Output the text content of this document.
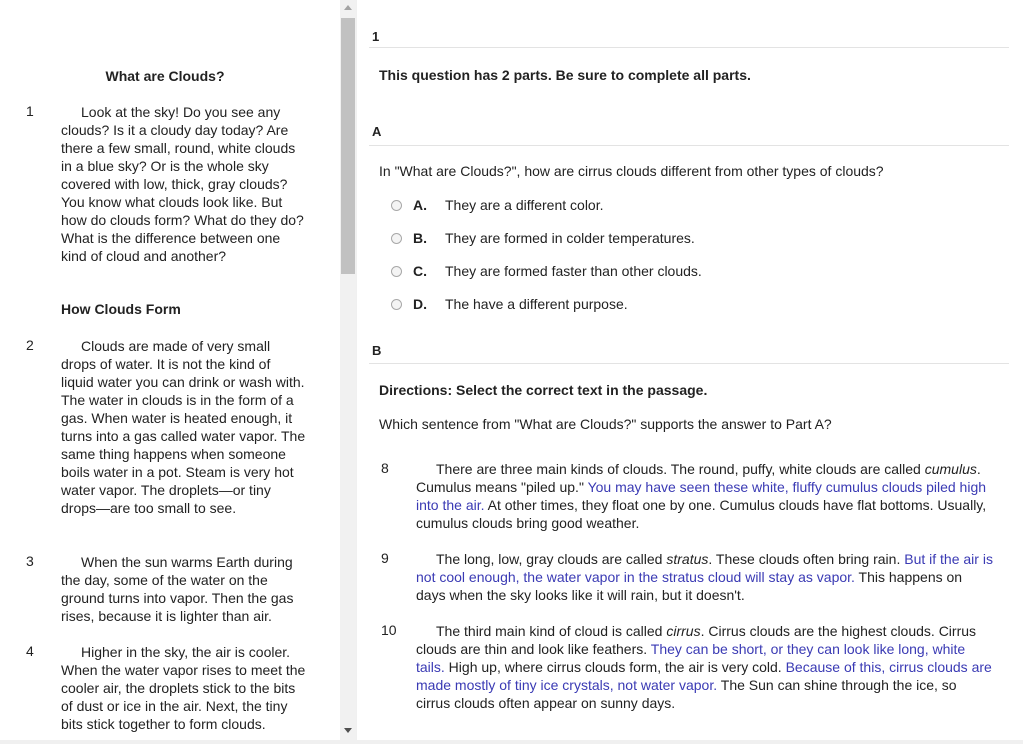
What are Clouds?
1	Look at the sky! Do you see any clouds? Is it a cloudy day today? Are there a few small, round, white clouds in a blue sky? Or is the whole sky covered with low, thick, gray clouds? You know what clouds look like. But how do clouds form? What do they do? What is the difference between one kind of cloud and another?

How Clouds Form
2	Clouds are made of very small drops of water. It is not the kind of liquid water you can drink or wash with. The water in clouds is in the form of a gas. When water is heated enough, it turns into a gas called water vapor. The same thing happens when someone boils water in a pot. Steam is very hot water vapor. The droplets—or tiny drops—are too small to see.

3	When the sun warms Earth during the day, some of the water on the ground turns into vapor. Then the gas rises, because it is lighter than air.

4	Higher in the sky, the air is cooler. When the water vapor rises to meet the cooler air, the droplets stick to the bits of dust or ice in the air. Next, the tiny bits stick together to form clouds.

1
This question has 2 parts. Be sure to complete all parts.
A
In "What are Clouds?", how are cirrus clouds different from other types of clouds?
A. They are a different color.
B. They are formed in colder temperatures.
C. They are formed faster than other clouds.
D. The have a different purpose.
B
Directions: Select the correct text in the passage.
Which sentence from "What are Clouds?" supports the answer to Part A?
8	There are three main kinds of clouds. The round, puffy, white clouds are called cumulus. Cumulus means "piled up." You may have seen these white, fluffy cumulus clouds piled high into the air. At other times, they float one by one. Cumulus clouds have flat bottoms. Usually, cumulus clouds bring good weather.

9	The long, low, gray clouds are called stratus. These clouds often bring rain. But if the air is not cool enough, the water vapor in the stratus cloud will stay as vapor. This happens on days when the sky looks like it will rain, but it doesn't.

10	The third main kind of cloud is called cirrus. Cirrus clouds are the highest clouds. Cirrus clouds are thin and look like feathers. They can be short, or they can look like long, white tails. High up, where cirrus clouds form, the air is very cold. Because of this, cirrus clouds are made mostly of tiny ice crystals, not water vapor. The Sun can shine through the ice, so cirrus clouds often appear on sunny days.
